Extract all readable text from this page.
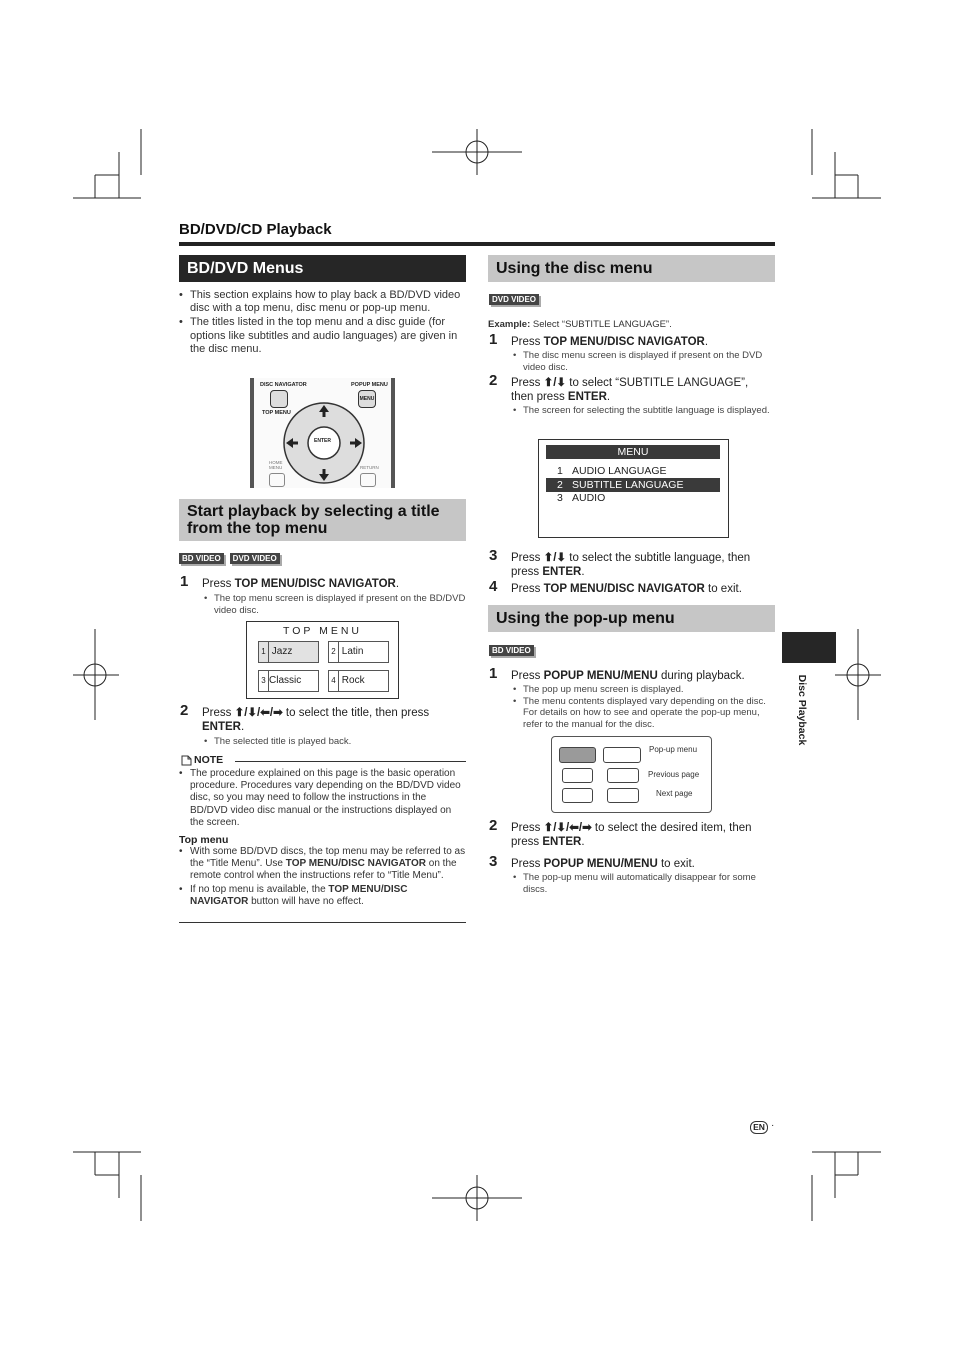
BD/DVD/CD Playback
Disc Playback
EN ·
BD/DVD Menus
• This section explains how to play back a BD/DVD video disc with a top menu, disc menu or pop-up menu.
• The titles listed in the top menu and a disc guide (for options like subtitles and audio languages) are given in the disc menu.
DISC NAVIGATOR	POPUP MENU
TOP MENU
MENU
ENTER
HOME MENU	RETURN
Start playback by selecting a title from the top menu
BD VIDEO DVD VIDEO
1 Press TOP MENU/DISC NAVIGATOR.
• The top menu screen is displayed if present on the BD/DVD video disc.
TOP MENU
1 Jazz	2 Latin
3 Classic	4 Rock
2 Press ⬆/⬇/⬅/➡ to select the title, then press ENTER.
• The selected title is played back.
NOTE
• The procedure explained on this page is the basic operation procedure. Procedures vary depending on the BD/DVD video disc, so you may need to follow the instructions in the BD/DVD video disc manual or the instructions displayed on the screen.
Top menu
• With some BD/DVD discs, the top menu may be referred to as the “Title Menu”. Use TOP MENU/DISC NAVIGATOR on the remote control when the instructions refer to “Title Menu”.
• If no top menu is available, the TOP MENU/DISC NAVIGATOR button will have no effect.
Using the disc menu
DVD VIDEO
Example: Select “SUBTITLE LANGUAGE”.
1 Press TOP MENU/DISC NAVIGATOR.
• The disc menu screen is displayed if present on the DVD video disc.
2 Press ⬆/⬇ to select “SUBTITLE LANGUAGE”, then press ENTER.
• The screen for selecting the subtitle language is displayed.
MENU
1 AUDIO LANGUAGE
2 SUBTITLE LANGUAGE
3 AUDIO
3 Press ⬆/⬇ to select the subtitle language, then press ENTER.
4 Press TOP MENU/DISC NAVIGATOR to exit.
Using the pop-up menu
BD VIDEO
1 Press POPUP MENU/MENU during playback.
• The pop up menu screen is displayed.
• The menu contents displayed vary depending on the disc. For details on how to see and operate the pop-up menu, refer to the manual for the disc.
Pop-up menu
Previous page
Next page
2 Press ⬆/⬇/⬅/➡ to select the desired item, then press ENTER.
3 Press POPUP MENU/MENU to exit.
• The pop-up menu will automatically disappear for some discs.
